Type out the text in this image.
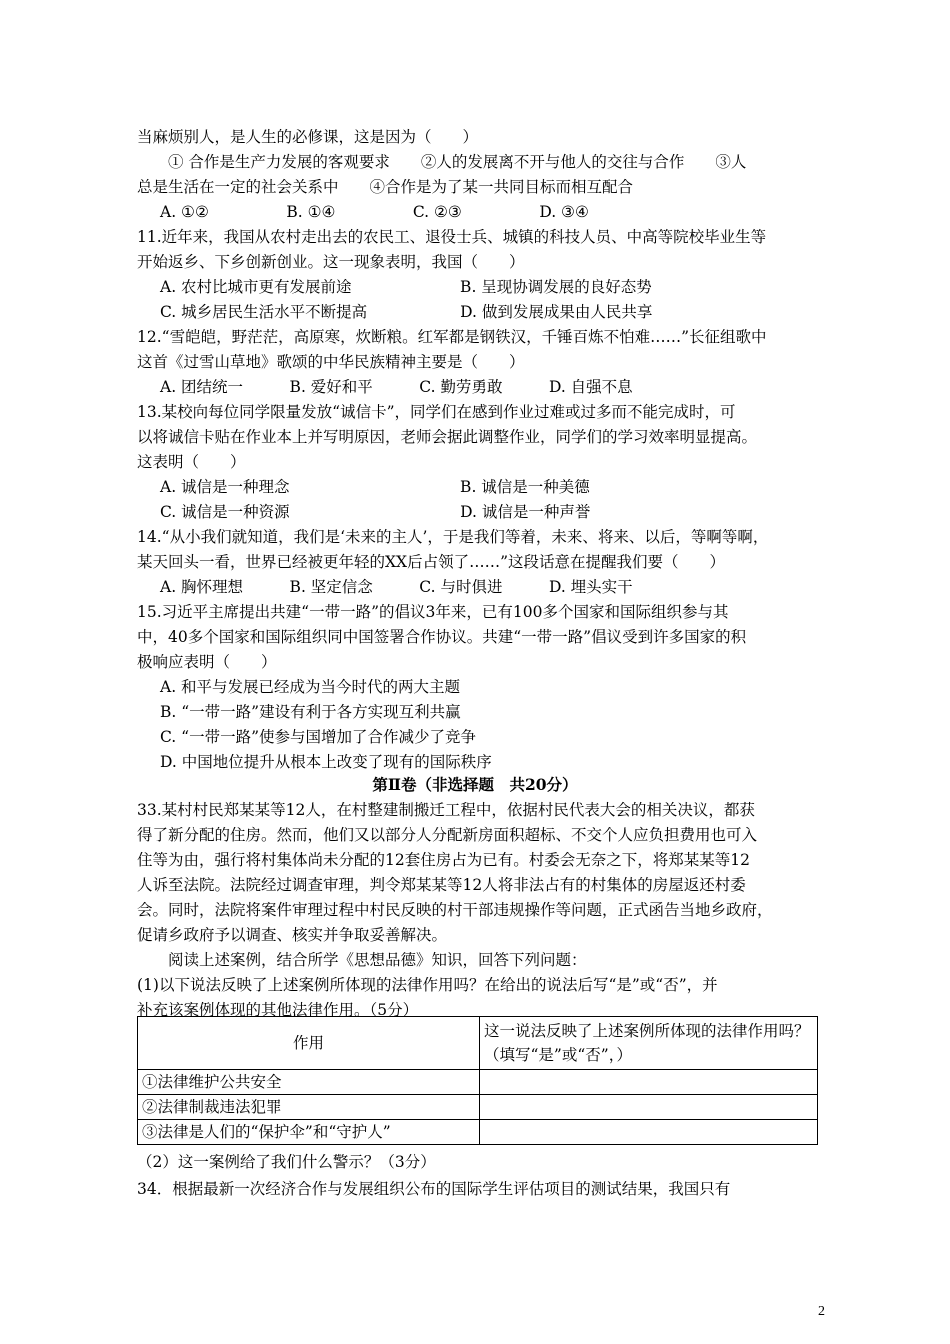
当麻烦别人，是人生的必修课，这是因为（　　）
① 合作是生产力发展的客观要求　　②人的发展离不开与他人的交往与合作　　③人
总是生活在一定的社会关系中　　④合作是为了某一共同目标而相互配合
A. ①②　　　　　B. ①④　　　　　C. ②③　　　　　D. ③④
11.近年来，我国从农村走出去的农民工、退役士兵、城镇的科技人员、中高等院校毕业生等
开始返乡、下乡创新创业。这一现象表明，我国（　　）
A. 农村比城市更有发展前途　　　　　　　B. 呈现协调发展的良好态势
C. 城乡居民生活水平不断提高　　　　　　D. 做到发展成果由人民共享
12.“雪皑皑，野茫茫，高原寒，炊断粮。红军都是钢铁汉，千锤百炼不怕难……”长征组歌中
这首《过雪山草地》歌颂的中华民族精神主要是（　　）
A. 团结统一　　　B. 爱好和平　　　C. 勤劳勇敢　　　D. 自强不息
13.某校向每位同学限量发放“诚信卡”，同学们在感到作业过难或过多而不能完成时，可
以将诚信卡贴在作业本上并写明原因，老师会据此调整作业，同学们的学习效率明显提高。
这表明（　　）
A. 诚信是一种理念　　　　　　　　　　　B. 诚信是一种美德
C. 诚信是一种资源　　　　　　　　　　　D. 诚信是一种声誉
14.“从小我们就知道，我们是‘未来的主人’，于是我们等着，未来、将来、以后，等啊等啊，
某天回头一看，世界已经被更年轻的XX后占领了……”这段话意在提醒我们要（　　）
A. 胸怀理想　　　B. 坚定信念　　　C. 与时俱进　　　D. 埋头实干
15.习近平主席提出共建“一带一路”的倡议3年来，已有100多个国家和国际组织参与其
中，40多个国家和国际组织同中国签署合作协议。共建“一带一路”倡议受到许多国家的积
极响应表明（　　）
A. 和平与发展已经成为当今时代的两大主题
B. “一带一路”建设有利于各方实现互利共赢
C. “一带一路”使参与国增加了合作减少了竞争
D. 中国地位提升从根本上改变了现有的国际秩序
第Ⅱ卷（非选择题　共20分）
33.某村村民郑某某等12人，在村整建制搬迁工程中，依据村民代表大会的相关决议，都获
得了新分配的住房。然而，他们又以部分人分配新房面积超标、不交个人应负担费用也可入
住等为由，强行将村集体尚未分配的12套住房占为已有。村委会无奈之下，将郑某某等12
人诉至法院。法院经过调查审理，判令郑某某等12人将非法占有的村集体的房屋返还村委
会。同时，法院将案件审理过程中村民反映的村干部违规操作等问题，正式函告当地乡政府，
促请乡政府予以调查、核实并争取妥善解决。
阅读上述案例，结合所学《思想品德》知识，回答下列问题：
(1)以下说法反映了上述案例所体现的法律作用吗？在给出的说法后写“是”或“否”，并
补充该案例体现的其他法律作用。（5分）
作用	这一说法反映了上述案例所体现的法律作用吗？（填写“是”或“否”，）
①法律维护公共安全	
②法律制裁违法犯罪	
③法律是人们的“保护伞”和“守护人”	
（2）这一案例给了我们什么警示？（3分）
34．根据最新一次经济合作与发展组织公布的国际学生评估项目的测试结果，我国只有
2
